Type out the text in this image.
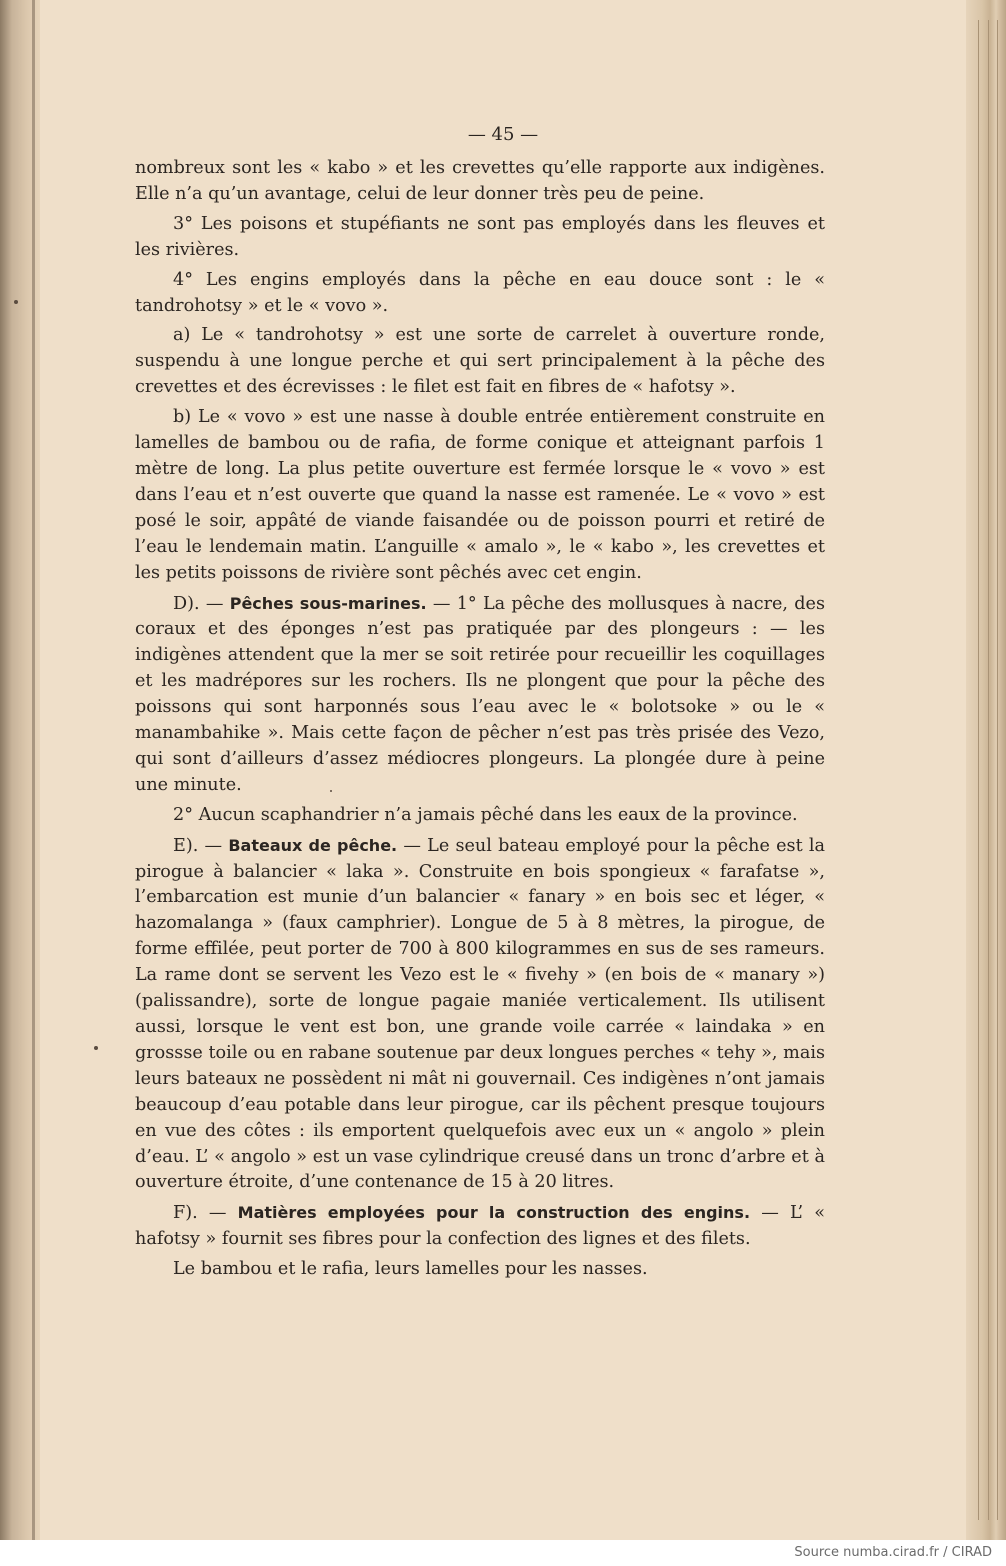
— 45 —

nombreux sont les « kabo » et les crevettes qu’elle rapporte aux indigènes. Elle n’a qu’un avantage, celui de leur donner très peu de peine.

3° Les poisons et stupéfiants ne sont pas employés dans les fleuves et les rivières.

4° Les engins employés dans la pêche en eau douce sont : le « tandrohotsy » et le « vovo ».

a) Le « tandrohotsy » est une sorte de carrelet à ouverture ronde, suspendu à une longue perche et qui sert principalement à la pêche des crevettes et des écrevisses : le filet est fait en fibres de « hafotsy ».

b) Le « vovo » est une nasse à double entrée entièrement construite en lamelles de bambou ou de rafia, de forme conique et atteignant parfois 1 mètre de long. La plus petite ouverture est fermée lorsque le « vovo » est dans l’eau et n’est ouverte que quand la nasse est ramenée. Le « vovo » est posé le soir, appâté de viande faisandée ou de poisson pourri et retiré de l’eau le lendemain matin. L’anguille « amalo », le « kabo », les crevettes et les petits poissons de rivière sont pêchés avec cet engin.

D). — Pêches sous-marines. — 1° La pêche des mollusques à nacre, des coraux et des éponges n’est pas pratiquée par des plongeurs : — les indigènes attendent que la mer se soit retirée pour recueillir les coquillages et les madrépores sur les rochers. Ils ne plongent que pour la pêche des poissons qui sont harponnés sous l’eau avec le « bolotsoke » ou le « manambahike ». Mais cette façon de pêcher n’est pas très prisée des Vezo, qui sont d’ailleurs d’assez médiocres plongeurs. La plongée dure à peine une minute.

2° Aucun scaphandrier n’a jamais pêché dans les eaux de la province.

E). — Bateaux de pêche. — Le seul bateau employé pour la pêche est la pirogue à balancier « laka ». Construite en bois spongieux « farafatse », l’embarcation est munie d’un balancier « fanary » en bois sec et léger, « hazomalanga » (faux camphrier). Longue de 5 à 8 mètres, la pirogue, de forme effilée, peut porter de 700 à 800 kilogrammes en sus de ses rameurs. La rame dont se servent les Vezo est le « fivehy » (en bois de « manary ») (palissandre), sorte de longue pagaie maniée verticalement. Ils utilisent aussi, lorsque le vent est bon, une grande voile carrée « laindaka » en grossse toile ou en rabane soutenue par deux longues perches « tehy », mais leurs bateaux ne possèdent ni mât ni gouvernail. Ces indigènes n’ont jamais beaucoup d’eau potable dans leur pirogue, car ils pêchent presque toujours en vue des côtes : ils emportent quelquefois avec eux un « angolo » plein d’eau. L’ « angolo » est un vase cylindrique creusé dans un tronc d’arbre et à ouverture étroite, d’une contenance de 15 à 20 litres.

F). — Matières employées pour la construction des engins. — L’ « hafotsy » fournit ses fibres pour la confection des lignes et des filets.

Le bambou et le rafia, leurs lamelles pour les nasses.

Source numba.cirad.fr / CIRAD
